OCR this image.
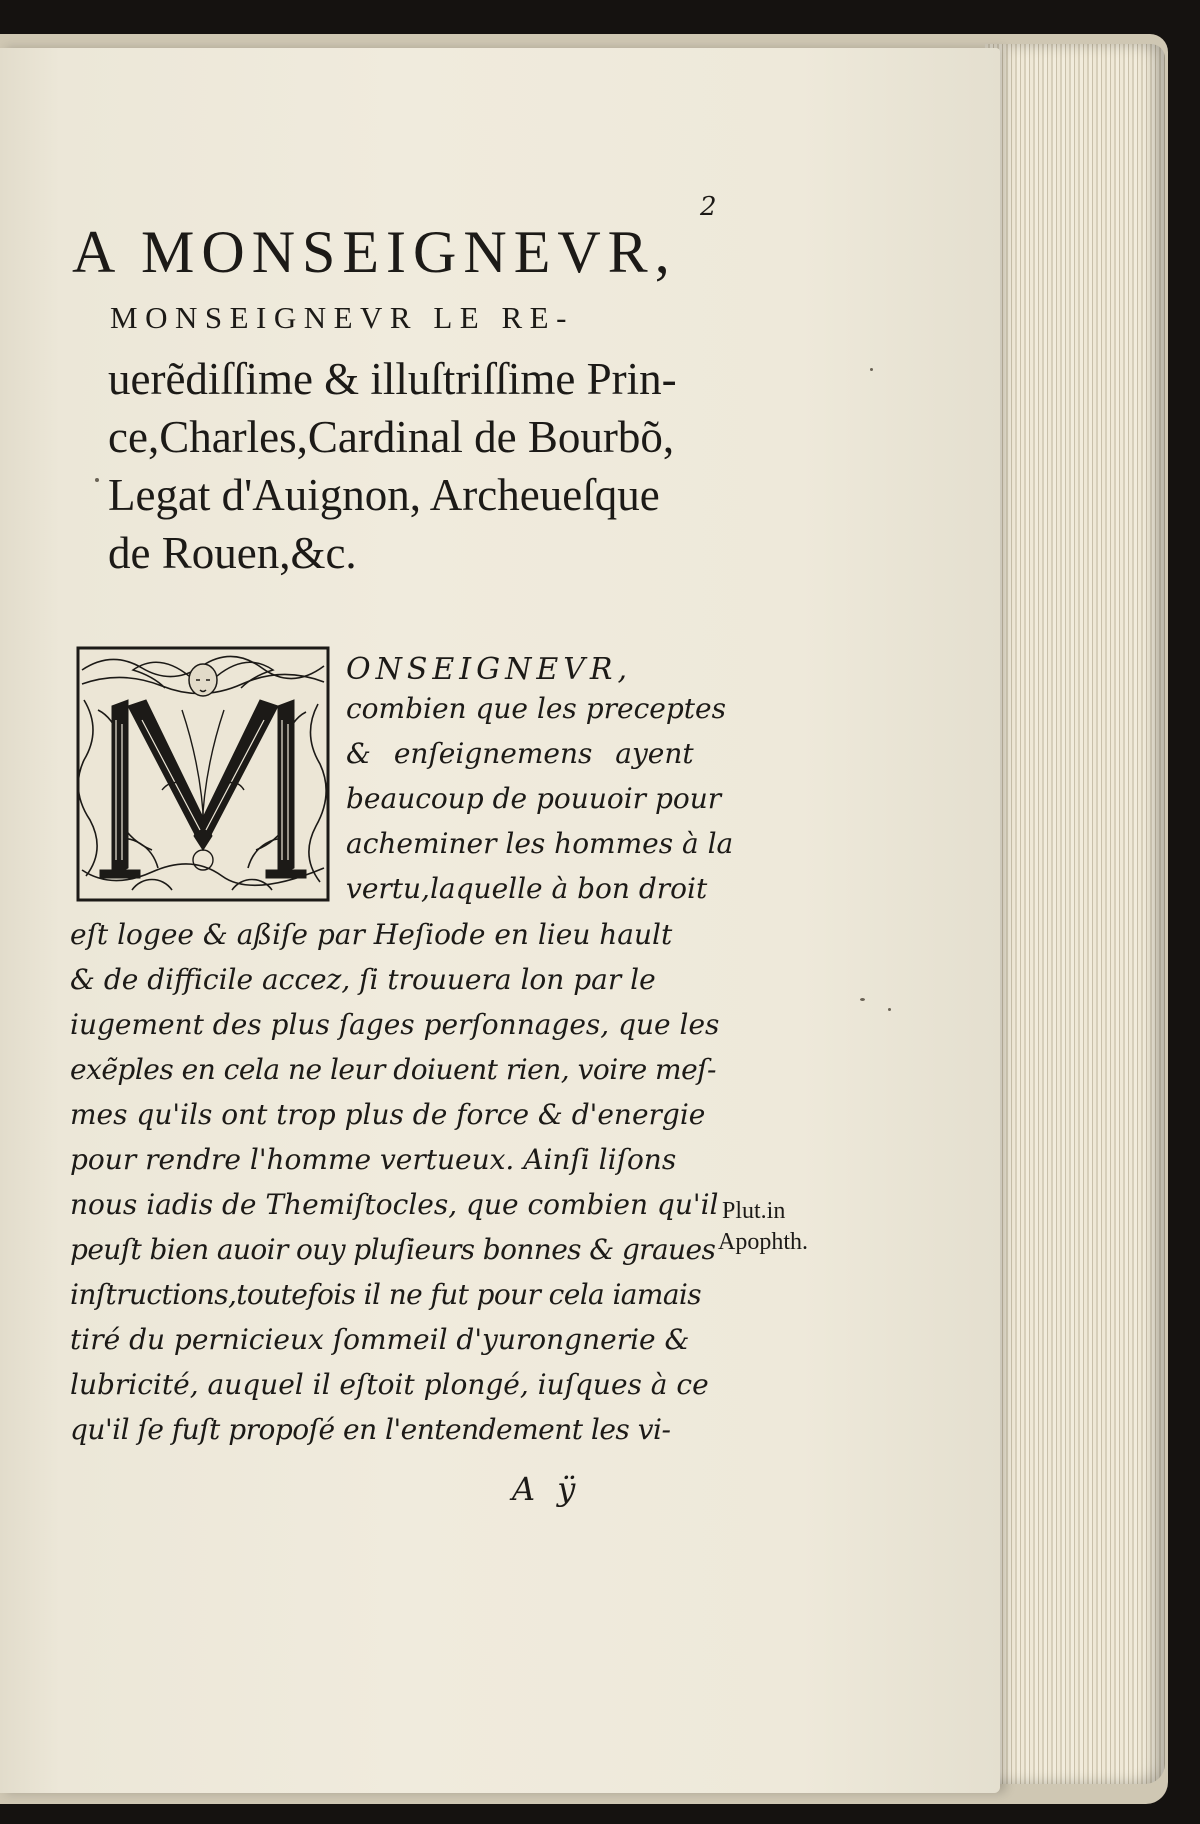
2
A MONSEIGNEVR,
MONSEIGNEVR LE RE-
uerẽdiſſime & illuſtriſſime Prin-
ce,Charles,Cardinal de Bourbõ,
Legat d'Auignon, Archeueſque
de Rouen,&c.
ONSEIGNEVR,
combien que les preceptes
& enſeignemens ayent
beaucoup de pouuoir pour
acheminer les hommes à la
vertu,laquelle à bon droit
eſt logee & aßiſe par Heſiode en lieu hault
& de difficile accez, ſi trouuera lon par le
iugement des plus ſages perſonnages, que les
exẽples en cela ne leur doiuent rien, voire meſ-
mes qu'ils ont trop plus de force & d'energie
pour rendre l'homme vertueux. Ainſi liſons
nous iadis de Themiſtocles, que combien qu'il
peuſt bien auoir ouy pluſieurs bonnes & graues
inſtructions,toutefois il ne fut pour cela iamais
tiré du pernicieux ſommeil d'yurongnerie &
lubricité, auquel il eſtoit plongé, iuſques à ce
qu'il ſe fuſt propoſé en l'entendement les vi-
Plut.in
Apophth.
A ÿ
